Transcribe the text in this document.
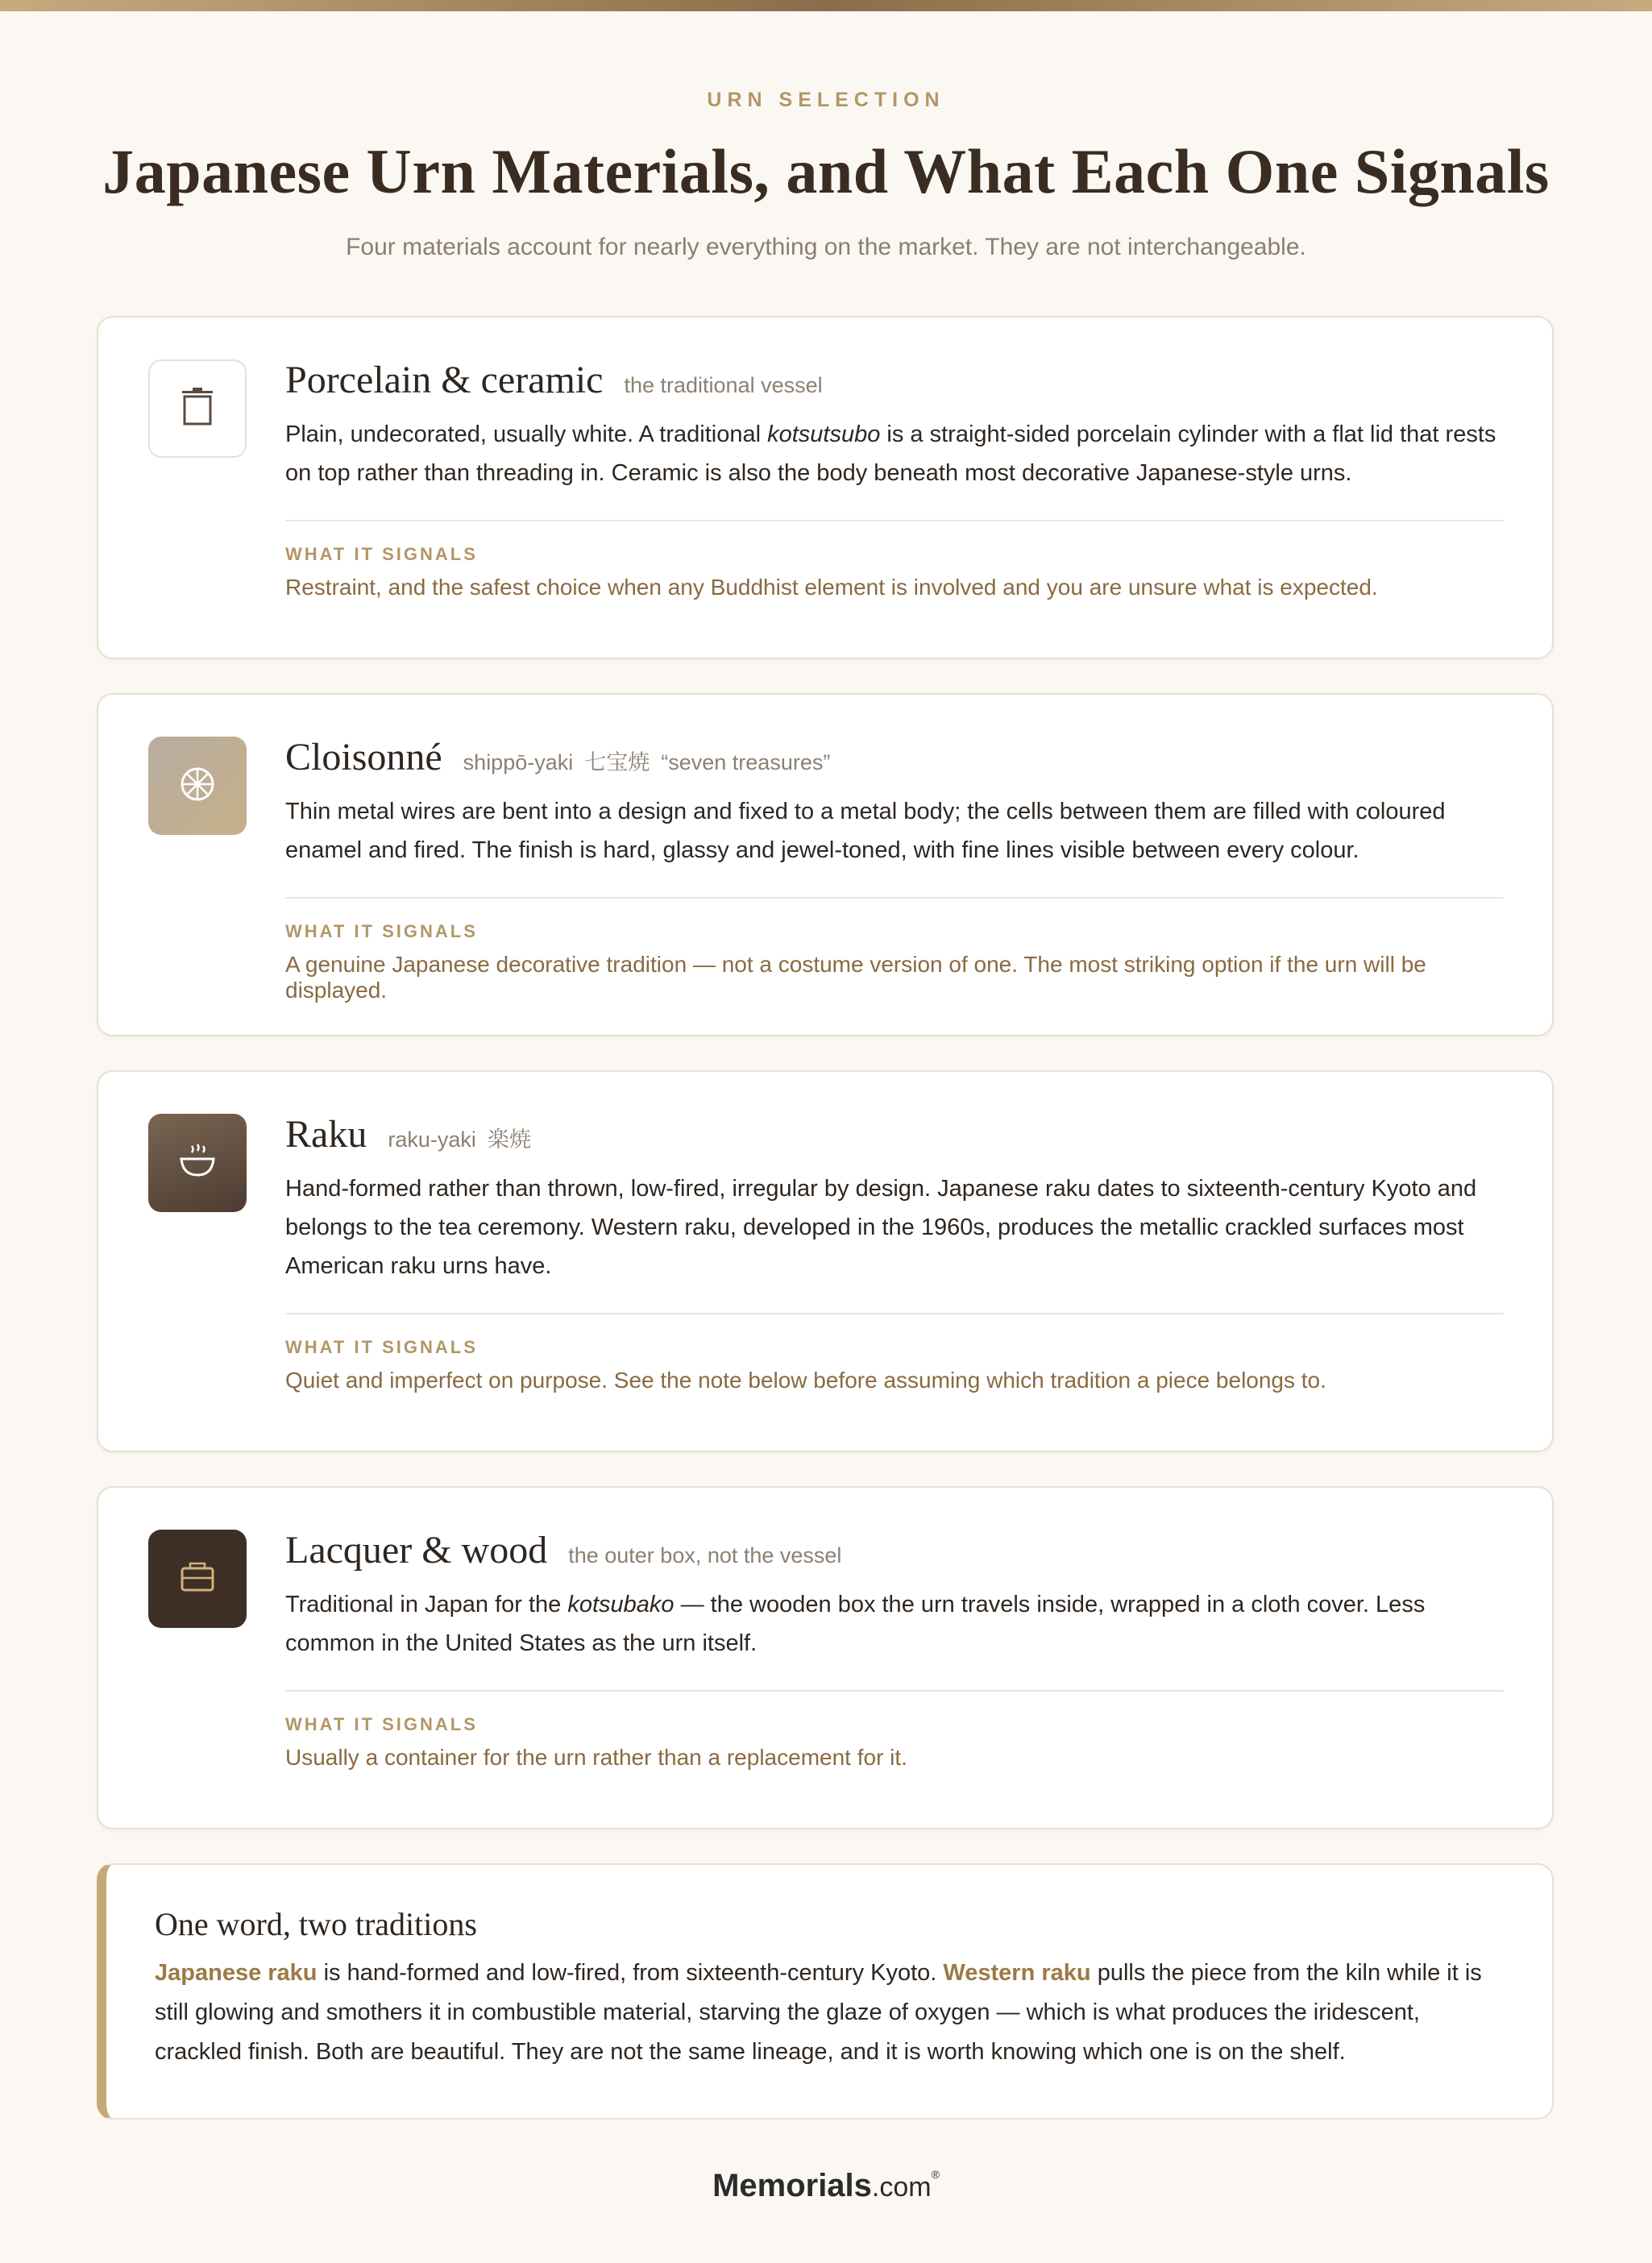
URN SELECTION
Japanese Urn Materials, and What Each One Signals
Four materials account for nearly everything on the market. They are not interchangeable.
Porcelain & ceramic the traditional vessel

Plain, undecorated, usually white. A traditional kotsutsubo is a straight-sided porcelain cylinder with a flat lid that rests on top rather than threading in. Ceramic is also the body beneath most decorative Japanese-style urns.

WHAT IT SIGNALS
Restraint, and the safest choice when any Buddhist element is involved and you are unsure what is expected.
Cloisonné shippō-yaki 七宝焼 “seven treasures”

Thin metal wires are bent into a design and fixed to a metal body; the cells between them are filled with coloured enamel and fired. The finish is hard, glassy and jewel-toned, with fine lines visible between every colour.

WHAT IT SIGNALS
A genuine Japanese decorative tradition — not a costume version of one. The most striking option if the urn will be displayed.
Raku raku-yaki 楽焼

Hand-formed rather than thrown, low-fired, irregular by design. Japanese raku dates to sixteenth-century Kyoto and belongs to the tea ceremony. Western raku, developed in the 1960s, produces the metallic crackled surfaces most American raku urns have.

WHAT IT SIGNALS
Quiet and imperfect on purpose. See the note below before assuming which tradition a piece belongs to.
Lacquer & wood the outer box, not the vessel

Traditional in Japan for the kotsubako — the wooden box the urn travels inside, wrapped in a cloth cover. Less common in the United States as the urn itself.

WHAT IT SIGNALS
Usually a container for the urn rather than a replacement for it.
One word, two traditions

Japanese raku is hand-formed and low-fired, from sixteenth-century Kyoto. Western raku pulls the piece from the kiln while it is still glowing and smothers it in combustible material, starving the glaze of oxygen — which is what produces the iridescent, crackled finish. Both are beautiful. They are not the same lineage, and it is worth knowing which one is on the shelf.

Memorials.com®
